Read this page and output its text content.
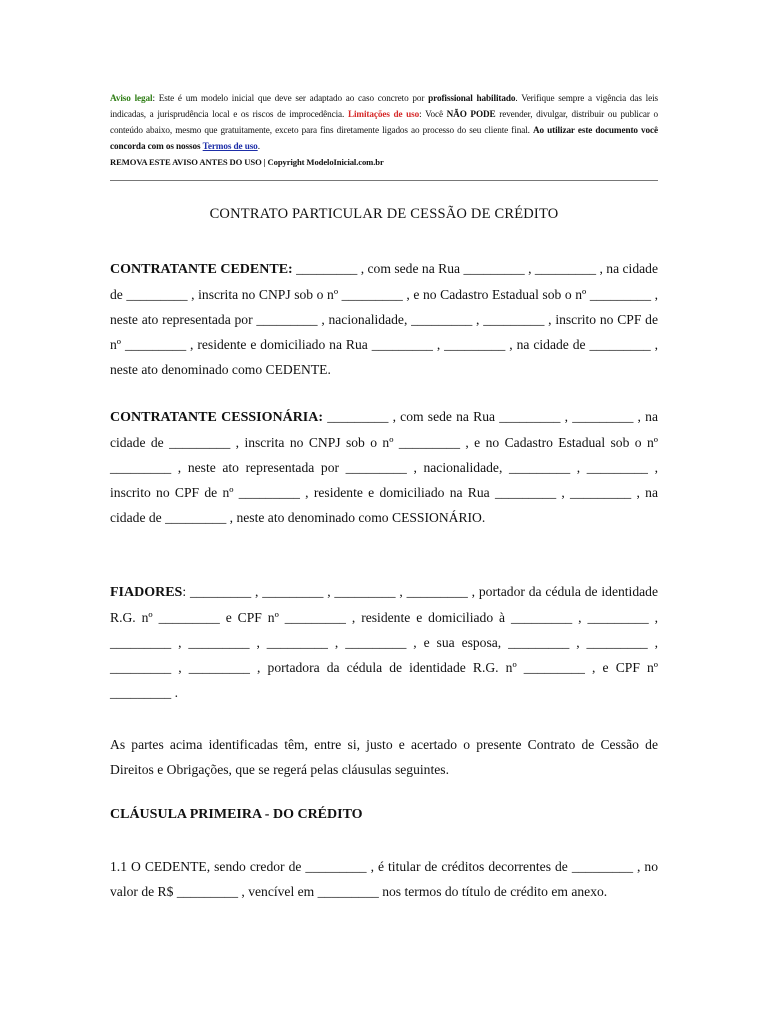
Aviso legal: Este é um modelo inicial que deve ser adaptado ao caso concreto por profissional habilitado. Verifique sempre a vigência das leis indicadas, a jurisprudência local e os riscos de improcedência. Limitações de uso: Você NÃO PODE revender, divulgar, distribuir ou publicar o conteúdo abaixo, mesmo que gratuitamente, exceto para fins diretamente ligados ao processo do seu cliente final. Ao utilizar este documento você concorda com os nossos Termos de uso.
REMOVA ESTE AVISO ANTES DO USO | Copyright ModeloInicial.com.br
CONTRATO PARTICULAR DE CESSÃO DE CRÉDITO
CONTRATANTE CEDENTE: _________ , com sede na Rua _________ , _________ , na cidade de _________ , inscrita no CNPJ sob o nº _________ , e no Cadastro Estadual sob o nº _________ , neste ato representada por _________ , nacionalidade, _________ , _________ , inscrito no CPF de nº _________ , residente e domiciliado na Rua _________ , _________ , na cidade de _________ , neste ato denominado como CEDENTE.
CONTRATANTE CESSIONÁRIA: _________ , com sede na Rua _________ , _________ , na cidade de _________ , inscrita no CNPJ sob o nº _________ , e no Cadastro Estadual sob o nº _________ , neste ato representada por _________ , nacionalidade, _________ , _________ , inscrito no CPF de nº _________ , residente e domiciliado na Rua _________ , _________ , na cidade de _________ , neste ato denominado como CESSIONÁRIO.
FIADORES: _________ , _________ , _________ , _________ , portador da cédula de identidade R.G. nº _________ e CPF nº _________ , residente e domiciliado à _________ , _________ , _________ , _________ , _________ , _________ , e sua esposa, _________ , _________ , _________ , _________ , portadora da cédula de identidade R.G. nº _________ , e CPF nº _________ .
As partes acima identificadas têm, entre si, justo e acertado o presente Contrato de Cessão de Direitos e Obrigações, que se regerá pelas cláusulas seguintes.
CLÁUSULA PRIMEIRA - DO CRÉDITO
1.1 O CEDENTE, sendo credor de _________ , é titular de créditos decorrentes de _________ , no valor de R$ _________ , vencível em _________ nos termos do título de crédito em anexo.
